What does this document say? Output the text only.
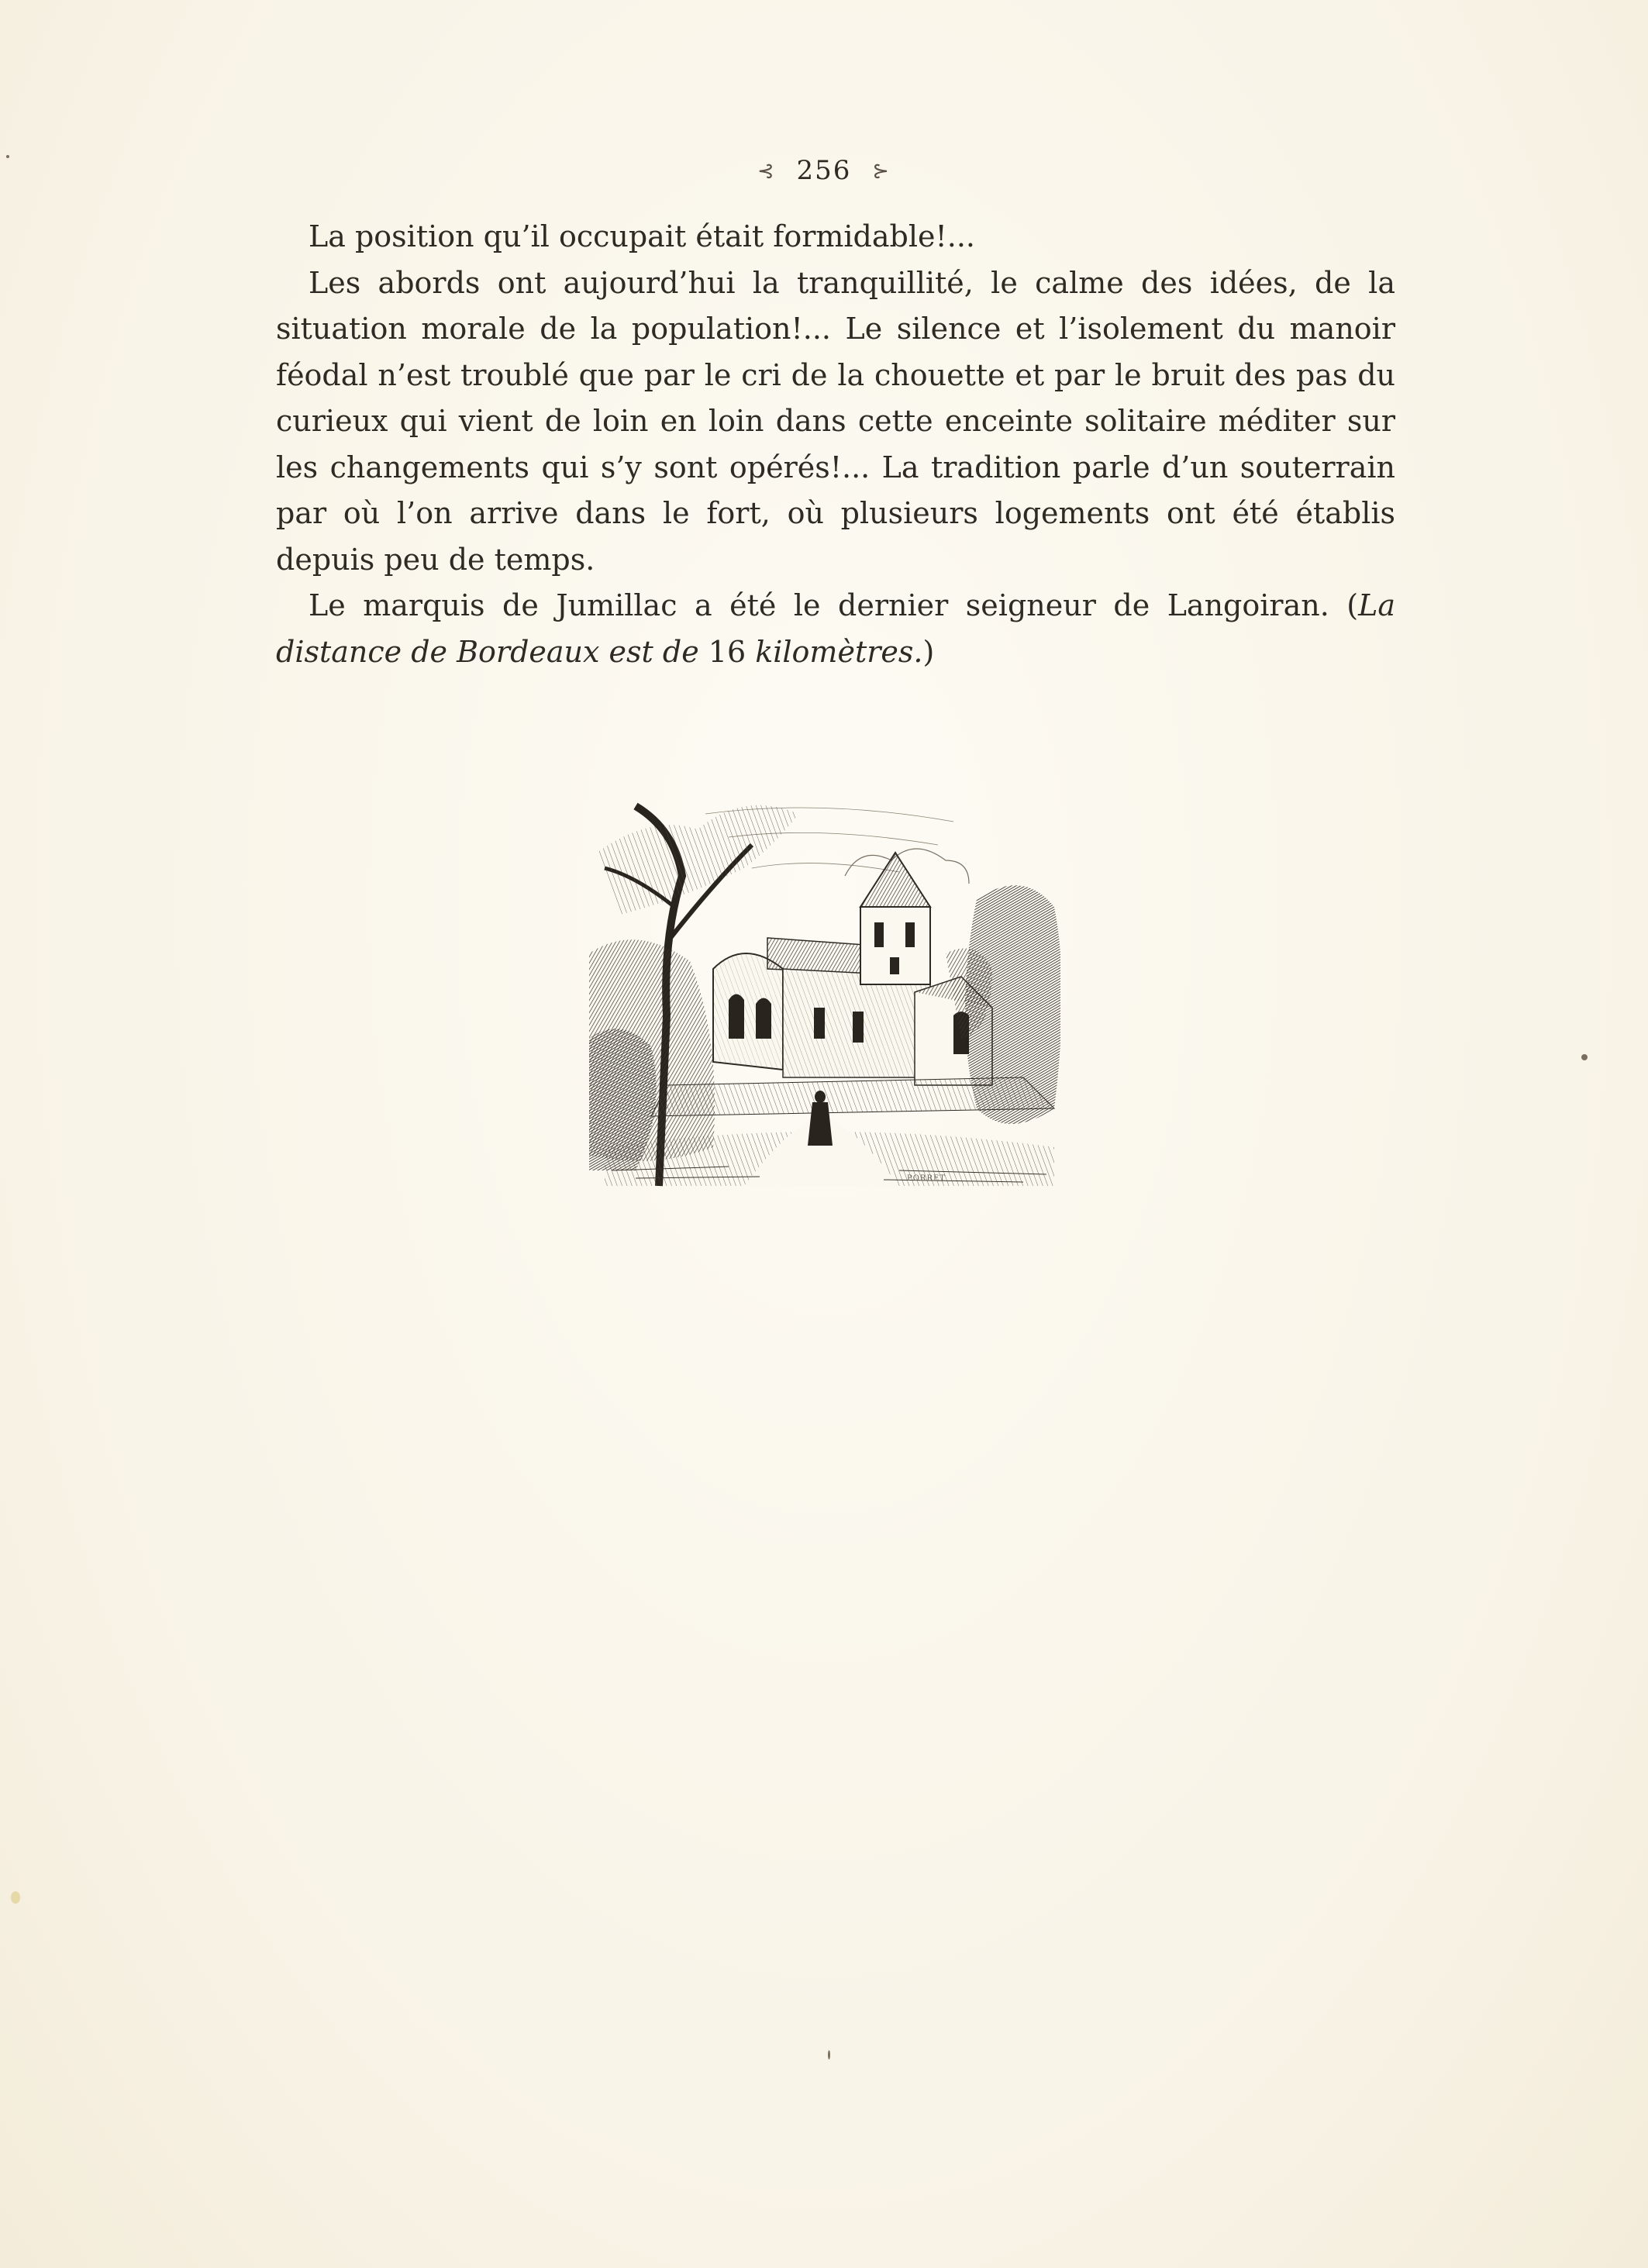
⊰ 256 ⊱

La position qu’il occupait était formidable!...

Les abords ont aujourd’hui la tranquillité, le calme des idées, de la situation morale de la population!... Le silence et l’isolement du manoir féodal n’est troublé que par le cri de la chouette et par le bruit des pas du curieux qui vient de loin en loin dans cette enceinte solitaire méditer sur les changements qui s’y sont opérés!... La tradition parle d’un souterrain par où l’on arrive dans le fort, où plusieurs logements ont été établis depuis peu de temps.

Le marquis de Jumillac a été le dernier seigneur de Langoiran. (La distance de Bordeaux est de 16 kilomètres.)

PORRET
